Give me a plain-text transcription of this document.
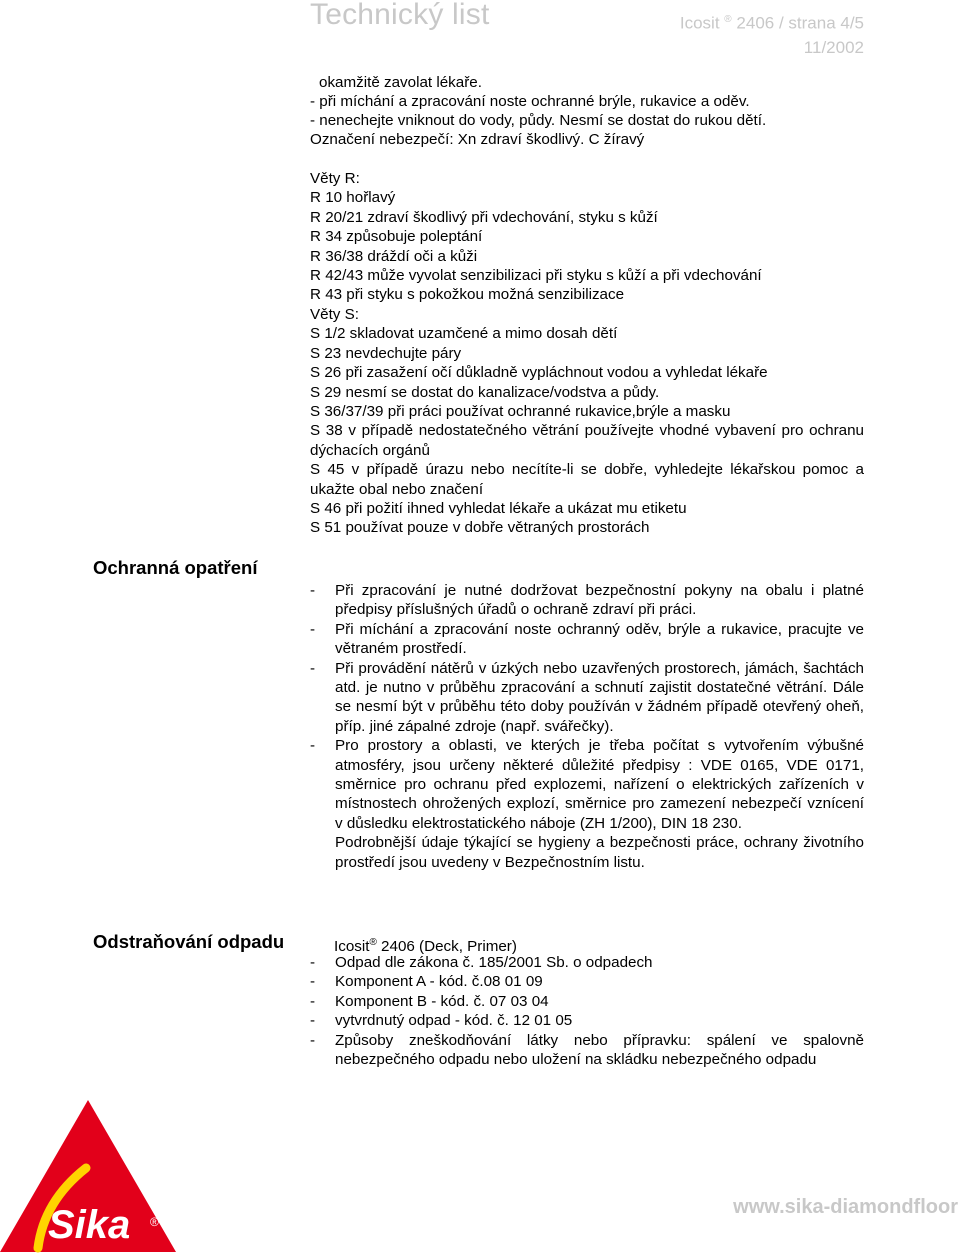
Technický list	Icosit ® 2406 / strana 4/5
11/2002
okamžitě zavolat lékaře.
- při míchání a zpracování noste ochranné brýle, rukavice a oděv.
- nenechejte vniknout do vody, půdy. Nesmí se dostat do rukou dětí.
Označení nebezpečí: Xn zdraví škodlivý. C žíravý
Věty R:
R 10 hořlavý
R 20/21 zdraví škodlivý při vdechování, styku s kůží
R 34 způsobuje poleptání
R 36/38 dráždí oči a kůži
R 42/43 může vyvolat senzibilizaci při styku s kůží a při vdechování
R 43 při styku s pokožkou možná senzibilizace
Věty S:
S 1/2 skladovat uzamčené a mimo dosah dětí
S 23 nevdechujte páry
S 26 při zasažení očí důkladně vypláchnout vodou a vyhledat lékaře
S 29 nesmí se dostat do kanalizace/vodstva a půdy.
S 36/37/39 při práci používat ochranné rukavice,brýle a masku
S 38 v případě nedostatečného větrání používejte vhodné vybavení pro ochranu dýchacích orgánů
S 45 v případě úrazu nebo necítíte-li se dobře, vyhledejte lékařskou pomoc a ukažte obal nebo značení
S 46 při požití ihned vyhledat lékaře a ukázat mu etiketu
S 51 používat pouze v dobře větraných prostorách
Ochranná opatření
-	Při zpracování je nutné dodržovat bezpečnostní pokyny na obalu i platné předpisy příslušných úřadů o ochraně zdraví při práci.
-	Při míchání a zpracování noste ochranný oděv, brýle a rukavice, pracujte ve větraném prostředí.
-	Při provádění nátěrů v úzkých nebo uzavřených prostorech, jámách, šachtách atd. je nutno v průběhu zpracování a schnutí zajistit dostatečné větrání. Dále se nesmí být v průběhu této doby používán v žádném případě otevřený oheň, příp. jiné zápalné zdroje (např. svářečky).
-	Pro prostory a oblasti, ve kterých je třeba počítat s vytvořením výbušné atmosféry, jsou určeny některé důležité předpisy : VDE 0165, VDE 0171, směrnice pro ochranu před explozemi, nařízení o elektrických zařízeních v místnostech ohrožených explozí, směrnice pro zamezení nebezpečí vznícení v důsledku elektrostatického náboje (ZH 1/200), DIN 18 230.
Podrobnější údaje týkající se hygieny a bezpečnosti práce, ochrany životního prostředí jsou uvedeny v Bezpečnostním listu.
Odstraňování odpadu	Icosit® 2406 (Deck, Primer)
-	Odpad dle zákona č. 185/2001 Sb. o odpadech
-	Komponent A - kód. č.08 01 09
-	Komponent B - kód. č. 07 03 04
-	vytvrdnutý odpad - kód. č. 12 01 05
-	Způsoby zneškodňování látky nebo přípravku: spálení ve spalovně nebezpečného odpadu nebo uložení na skládku nebezpečného odpadu
Sika ®
www.sika-diamondfloor
